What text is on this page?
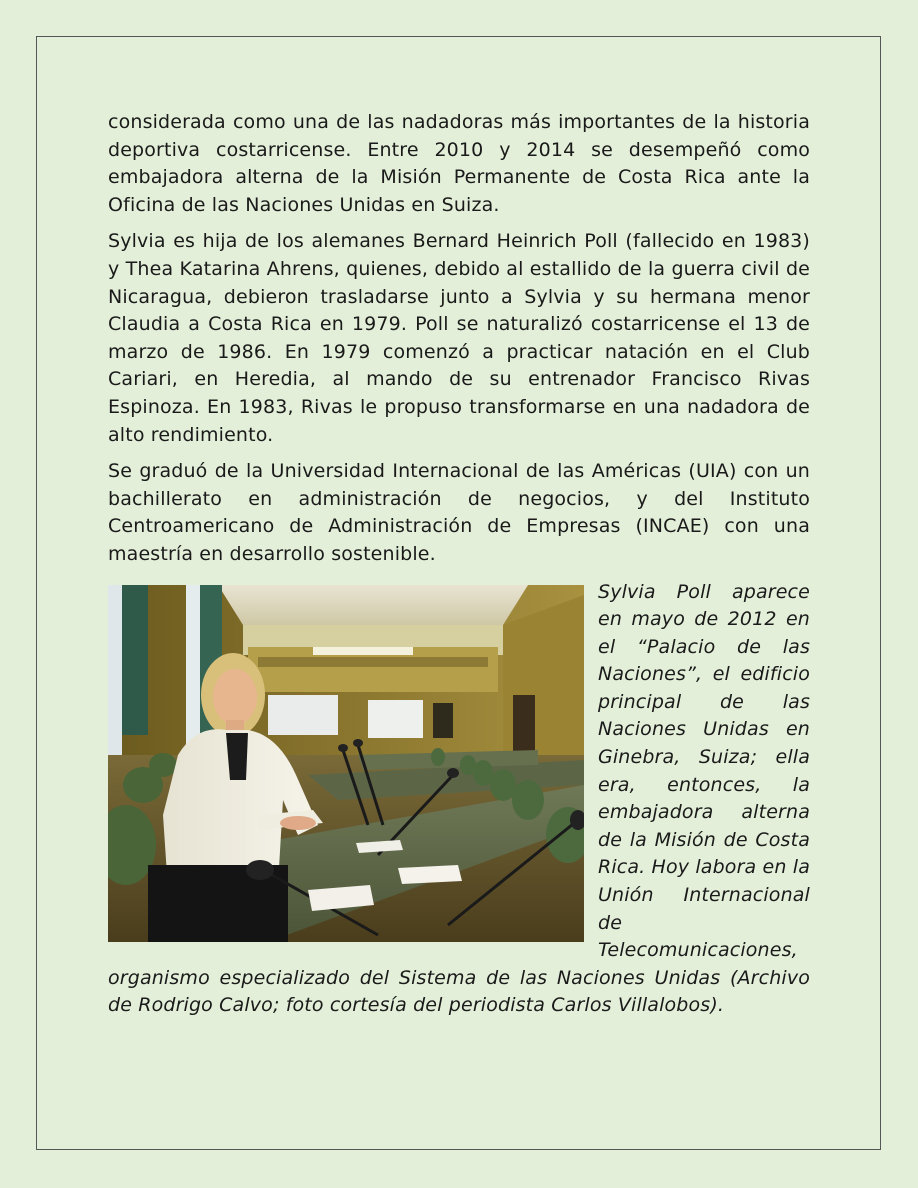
considerada como una de las nadadoras más importantes de la historia deportiva costarricense. Entre 2010 y 2014 se desempeñó como embajadora alterna de la Misión Permanente de Costa Rica ante la Oficina de las Naciones Unidas en Suiza.

Sylvia es hija de los alemanes Bernard Heinrich Poll (fallecido en 1983) y Thea Katarina Ahrens, quienes, debido al estallido de la guerra civil de Nicaragua, debieron trasladarse junto a Sylvia y su hermana menor Claudia a Costa Rica en 1979. Poll se naturalizó costarricense el 13 de marzo de 1986. En 1979 comenzó a practicar natación en el Club Cariari, en Heredia, al mando de su entrenador Francisco Rivas Espinoza. En 1983, Rivas le propuso transformarse en una nadadora de alto rendimiento.

Se graduó de la Universidad Internacional de las Américas (UIA) con un bachillerato en administración de negocios, y del Instituto Centroamericano de Administración de Empresas (INCAE) con una maestría en desarrollo sostenible.

Sylvia Poll aparece en mayo de 2012 en el “Palacio de las Naciones”, el edificio principal de las Naciones Unidas en Ginebra, Suiza; ella era, entonces, la embajadora alterna de la Misión de Costa Rica. Hoy labora en la Unión Internacional de Telecomunicaciones, organismo especializado del Sistema de las Naciones Unidas (Archivo de Rodrigo Calvo; foto cortesía del periodista Carlos Villalobos).
